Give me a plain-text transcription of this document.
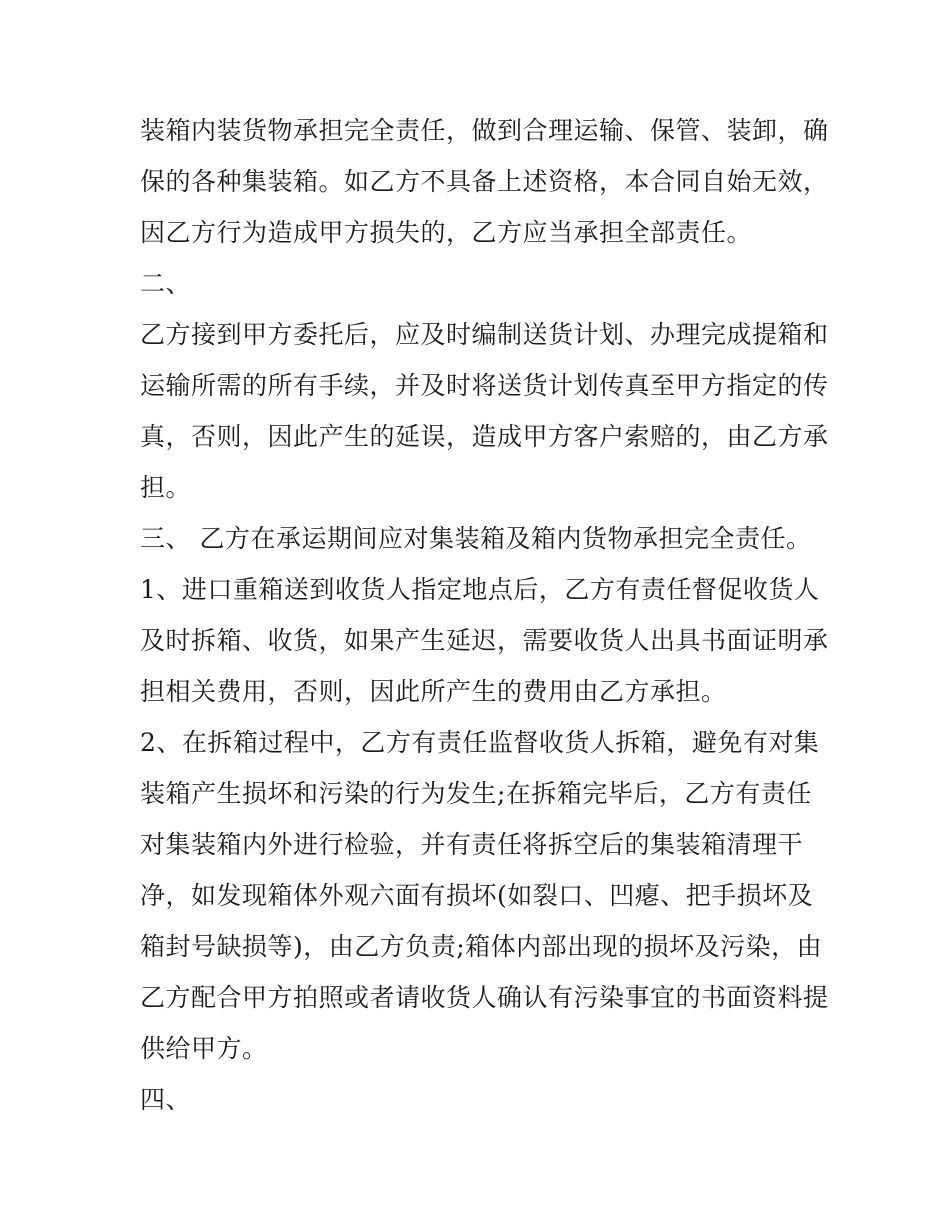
装箱内装货物承担完全责任，做到合理运输、保管、装卸，确
保的各种集装箱。如乙方不具备上述资格，本合同自始无效，
因乙方行为造成甲方损失的，乙方应当承担全部责任。
二、
乙方接到甲方委托后，应及时编制送货计划、办理完成提箱和
运输所需的所有手续，并及时将送货计划传真至甲方指定的传
真，否则，因此产生的延误，造成甲方客户索赔的，由乙方承
担。
三、 乙方在承运期间应对集装箱及箱内货物承担完全责任。
1、进口重箱送到收货人指定地点后，乙方有责任督促收货人
及时拆箱、收货，如果产生延迟，需要收货人出具书面证明承
担相关费用，否则，因此所产生的费用由乙方承担。
2、在拆箱过程中，乙方有责任监督收货人拆箱，避免有对集
装箱产生损坏和污染的行为发生;在拆箱完毕后，乙方有责任
对集装箱内外进行检验，并有责任将拆空后的集装箱清理干
净，如发现箱体外观六面有损坏(如裂口、凹瘪、把手损坏及
箱封号缺损等)，由乙方负责;箱体内部出现的损坏及污染，由
乙方配合甲方拍照或者请收货人确认有污染事宜的书面资料提
供给甲方。
四、
